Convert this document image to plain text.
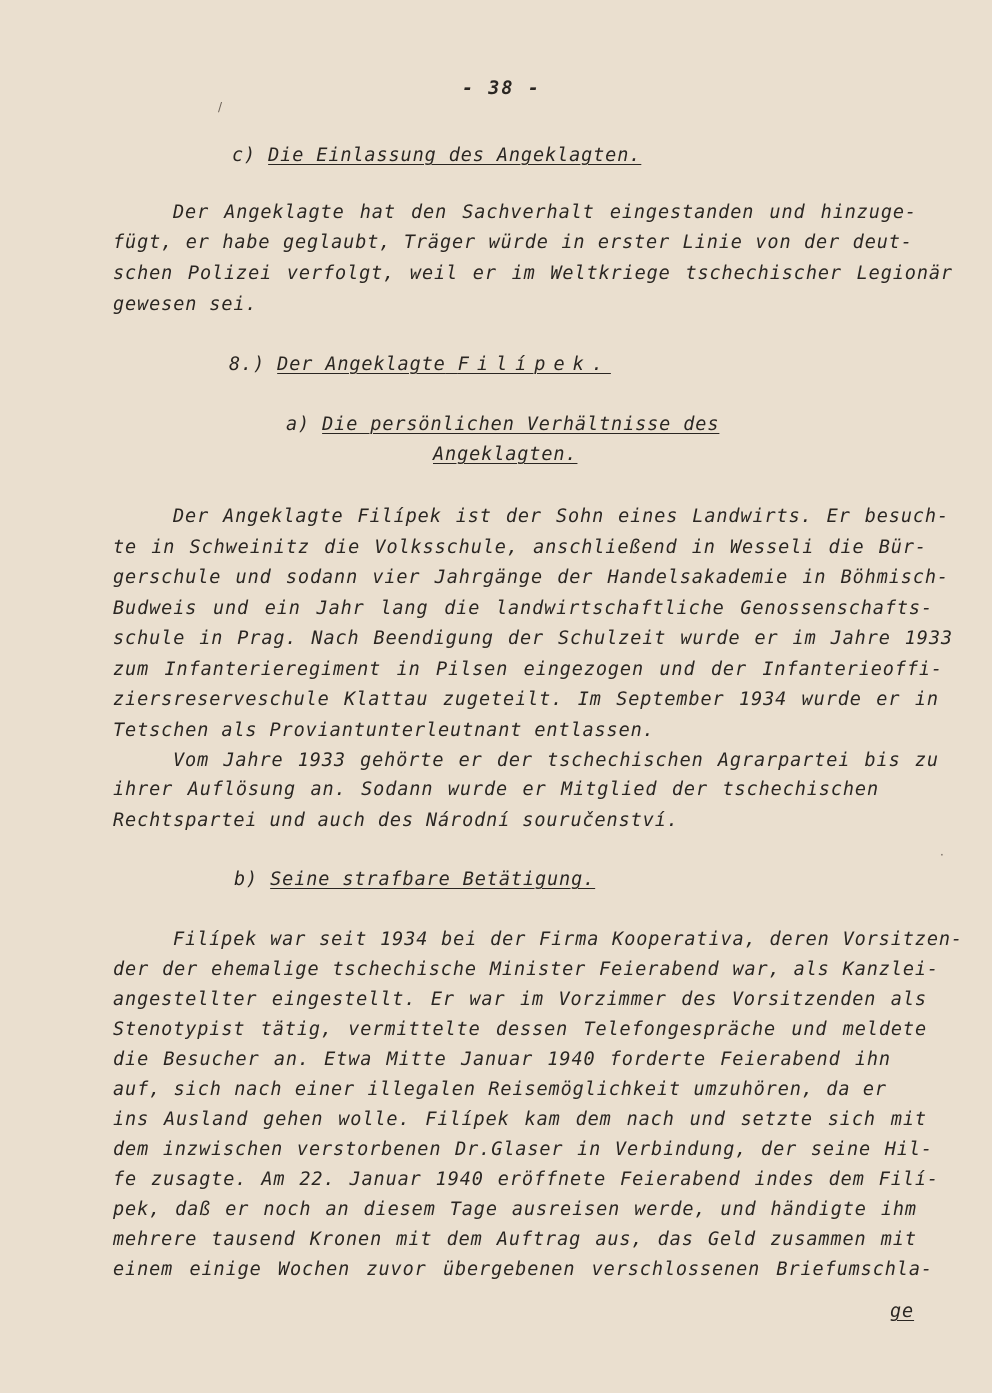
- 38 -
c) Die Einlassung des Angeklagten.
Der Angeklagte hat den Sachverhalt eingestanden und hinzuge-
fügt, er habe geglaubt, Träger würde in erster Linie von der deut-
schen Polizei verfolgt, weil er im Weltkriege tschechischer Legionär
gewesen sei.
8.) Der Angeklagte Filípek.
a) Die persönlichen Verhältnisse des
Angeklagten.
Der Angeklagte Filípek ist der Sohn eines Landwirts. Er besuch-
te in Schweinitz die Volksschule, anschließend in Wesseli die Bür-
gerschule und sodann vier Jahrgänge der Handelsakademie in Böhmisch-
Budweis und ein Jahr lang die landwirtschaftliche Genossenschafts-
schule in Prag. Nach Beendigung der Schulzeit wurde er im Jahre 1933
zum Infanterieregiment in Pilsen eingezogen und der Infanterieoffi-
ziersreserveschule Klattau zugeteilt. Im September 1934 wurde er in
Tetschen als Proviantunterleutnant entlassen.
Vom Jahre 1933 gehörte er der tschechischen Agrarpartei bis zu
ihrer Auflösung an. Sodann wurde er Mitglied der tschechischen
Rechtspartei und auch des Národní souručenství.
b) Seine strafbare Betätigung.
Filípek war seit 1934 bei der Firma Kooperativa, deren Vorsitzen-
der der ehemalige tschechische Minister Feierabend war, als Kanzlei-
angestellter eingestellt. Er war im Vorzimmer des Vorsitzenden als
Stenotypist tätig, vermittelte dessen Telefongespräche und meldete
die Besucher an. Etwa Mitte Januar 1940 forderte Feierabend ihn
auf, sich nach einer illegalen Reisemöglichkeit umzuhören, da er
ins Ausland gehen wolle. Filípek kam dem nach und setzte sich mit
dem inzwischen verstorbenen Dr.Glaser in Verbindung, der seine Hil-
fe zusagte. Am 22. Januar 1940 eröffnete Feierabend indes dem Filí-
pek, daß er noch an diesem Tage ausreisen werde, und händigte ihm
mehrere tausend Kronen mit dem Auftrag aus, das Geld zusammen mit
einem einige Wochen zuvor übergebenen verschlossenen Briefumschla-
ge
/
·
